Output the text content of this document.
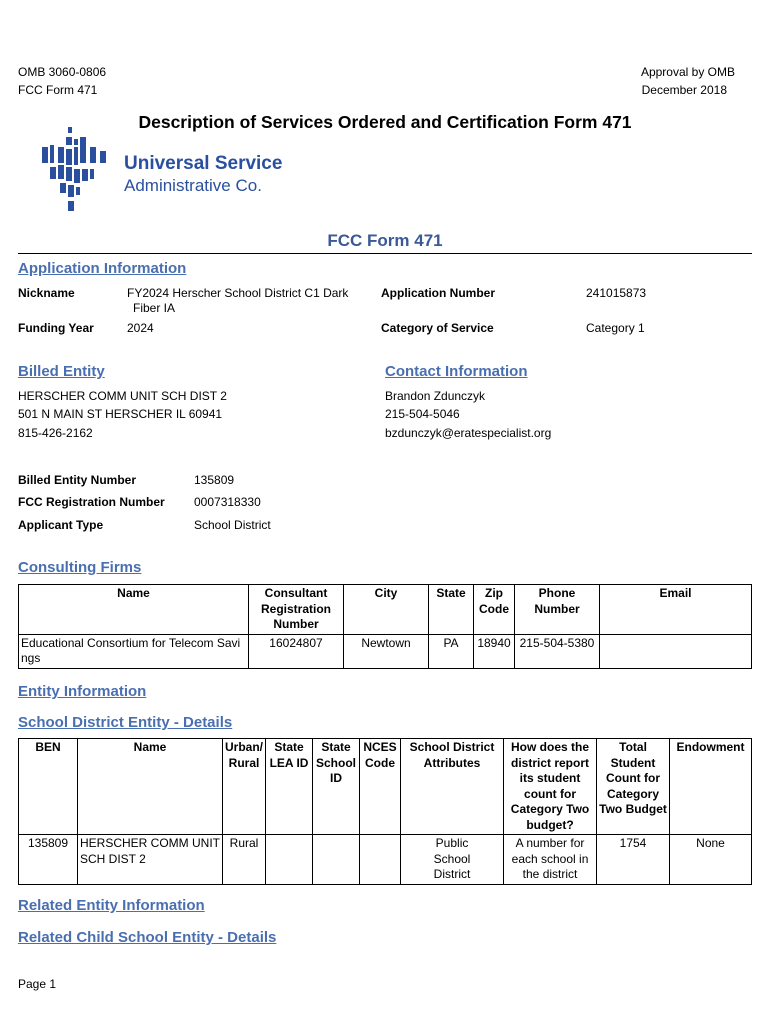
OMB 3060-0806
FCC Form 471
Approval by OMB
December 2018
Description of Services Ordered and Certification Form 471
Universal Service
Administrative Co.
FCC Form 471
Application Information
Nickname	FY2024 Herscher School District C1 Dark
Fiber IA
Application Number	241015873
Funding Year	2024	Category of Service	Category 1
Billed Entity
HERSCHER COMM UNIT SCH DIST 2
501 N MAIN ST HERSCHER IL 60941
815-426-2162
Contact Information
Brandon Zdunczyk
215-504-5046
bzdunczyk@eratespecialist.org
Billed Entity Number	135809
FCC Registration Number 0007318330
Applicant Type	School District
Consulting Firms
Name	Consultant Registration Number	City	State	Zip Code	Phone Number	Email
Educational Consortium for Telecom Savings	16024807	Newtown	PA	18940	215-504-5380	
Entity Information
School District Entity - Details
BEN	Name	Urban/ Rural	State LEA ID	State School ID	NCES Code	School District Attributes	How does the district report its student count for Category Two budget?	Total Student Count for Category Two Budget	Endowment
135809	HERSCHER COMM UNIT SCH DIST 2	Rural				Public School District	A number for each school in the district	1754	None
Related Entity Information
Related Child School Entity - Details
Page 1
